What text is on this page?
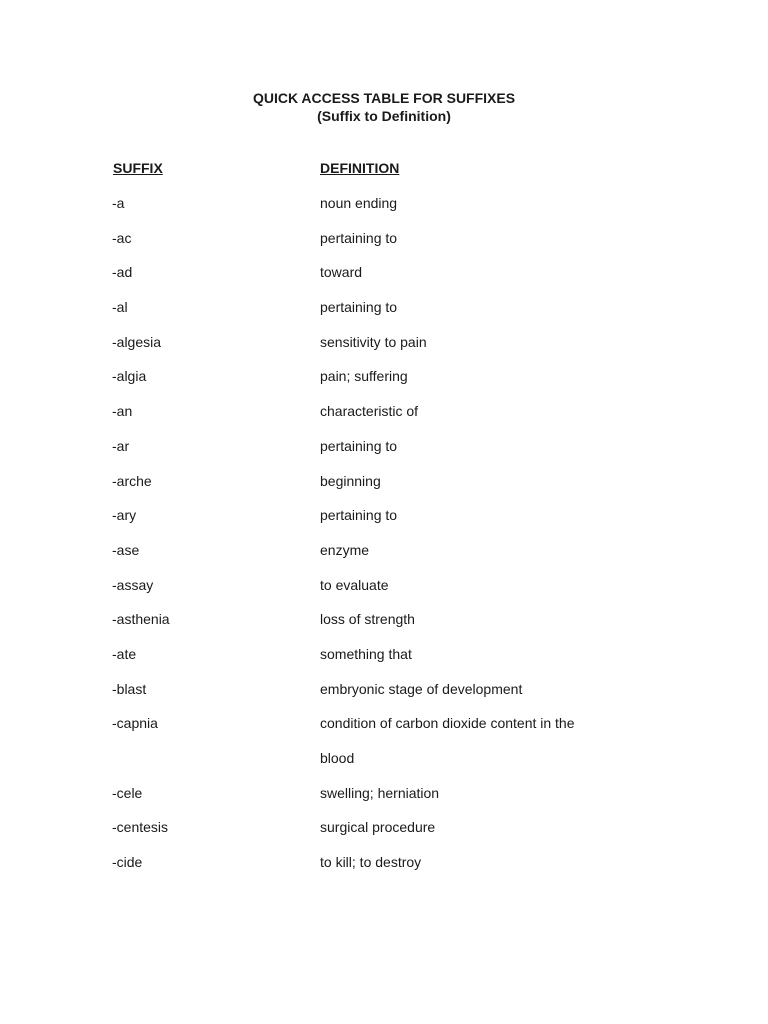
QUICK ACCESS TABLE FOR SUFFIXES
(Suffix to Definition)
SUFFIX	DEFINITION
-a	noun ending
-ac	pertaining to
-ad	toward
-al	pertaining to
-algesia	sensitivity to pain
-algia	pain; suffering
-an	characteristic of
-ar	pertaining to
-arche	beginning
-ary	pertaining to
-ase	enzyme
-assay	to evaluate
-asthenia	loss of strength
-ate	something that
-blast	embryonic stage of development
-capnia	condition of carbon dioxide content in the
blood
-cele	swelling; herniation
-centesis	surgical procedure
-cide	to kill; to destroy
